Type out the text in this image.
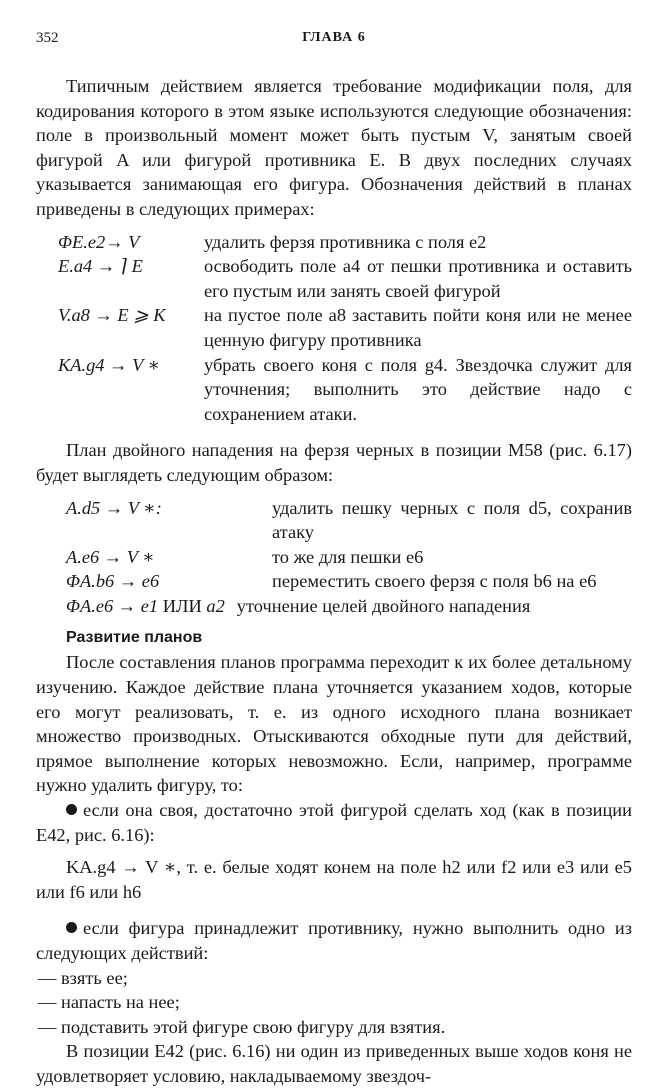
352	ГЛАВА 6

Типичным действием является требование модификации поля, для кодирования которого в этом языке используются следующие обозначения: поле в произвольный момент может быть пустым V, занятым своей фигурой A или фигурой противника E. В двух последних случаях указывается занимающая его фигура. Обозначения действий в планах приведены в следующих примерах:

ΦE.e2→ V	удалить ферзя противника с поля e2
E.a4 → ⌉ E	освободить поле a4 от пешки противника и оставить его пустым или занять своей фигурой
V.a8 → E ⩾ K	на пустое поле a8 заставить пойти коня или не менее ценную фигуру противника
KA.g4 → V ∗	убрать своего коня с поля g4. Звездочка служит для уточнения; выполнить это действие надо с сохранением атаки.

План двойного нападения на ферзя черных в позиции M58 (рис. 6.17) будет выглядеть следующим образом:

A.d5 → V ∗:	удалить пешку черных с поля d5, сохранив атаку
A.e6 → V ∗	то же для пешки e6
ΦA.b6 → e6	переместить своего ферзя с поля b6 на e6
ΦA.e6 → e1 ИЛИ a2 уточнение целей двойного нападения
Развитие планов

После составления планов программа переходит к их более детальному изучению. Каждое действие плана уточняется указанием ходов, которые его могут реализовать, т. е. из одного исходного плана возникает множество производных. Отыскиваются обходные пути для действий, прямое выполнение которых невозможно. Если, например, программе нужно удалить фигуру, то:

если она своя, достаточно этой фигурой сделать ход (как в позиции E42, рис. 6.16):

KA.g4 → V ∗, т. е. белые ходят конем на поле h2 или f2 или e3 или e5 или f6 или h6

если фигура принадлежит противнику, нужно выполнить одно из следующих действий:

— взять ее;
— напасть на нее;
— подставить этой фигуре свою фигуру для взятия.

В позиции E42 (рис. 6.16) ни один из приведенных выше ходов коня не удовлетворяет условию, накладываемому звездоч-
